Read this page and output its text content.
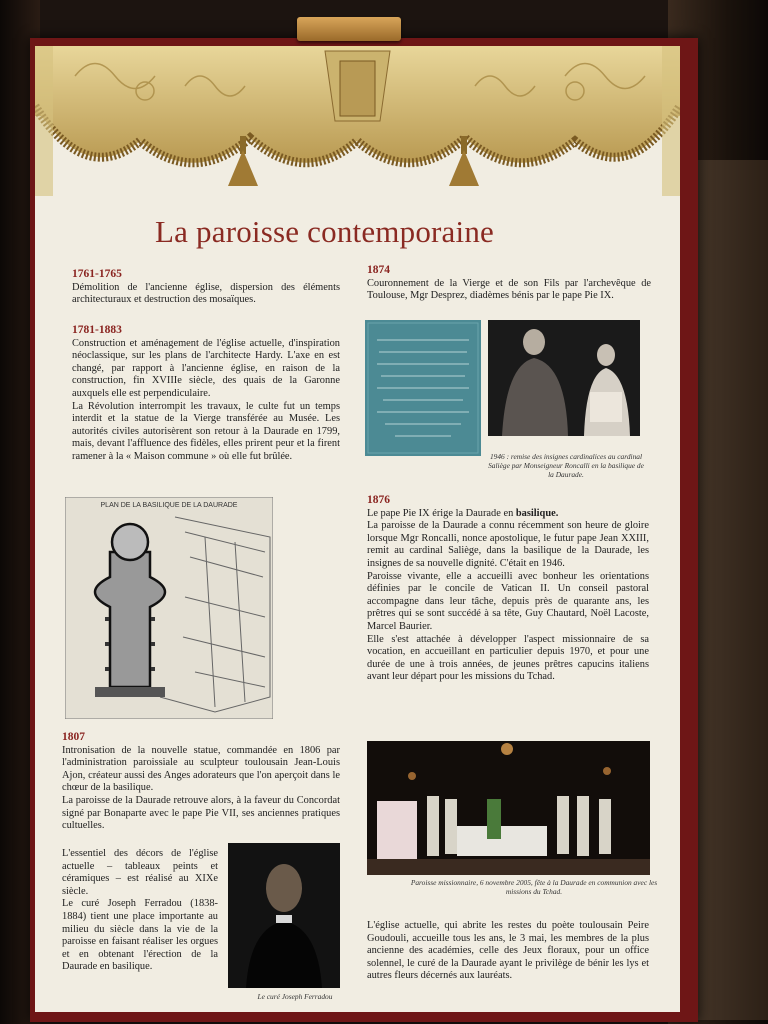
La paroisse contemporaine
1761-1765

Démolition de l'ancienne église, dispersion des éléments architecturaux et destruction des mosaïques.

1781-1883

Construction et aménagement de l'église actuelle, d'inspiration néoclassique, sur les plans de l'architecte Hardy. L'axe en est changé, par rapport à l'ancienne église, en raison de la construction, fin XVIIIe siècle, des quais de la Garonne auxquels elle est perpendiculaire.

La Révolution interrompit les travaux, le culte fut un temps interdit et la statue de la Vierge transférée au Musée. Les autorités civiles autorisèrent son retour à la Daurade en 1799, mais, devant l'affluence des fidèles, elles prirent peur et la firent ramener à la « Maison commune » où elle fut brûlée.

PLAN DE LA BASILIQUE DE LA DAURADE
1807

Intronisation de la nouvelle statue, commandée en 1806 par l'administration paroissiale au sculpteur toulousain Jean-Louis Ajon, créateur aussi des Anges adorateurs que l'on aperçoit dans le chœur de la basilique.

La paroisse de la Daurade retrouve alors, à la faveur du Concordat signé par Bonaparte avec le pape Pie VII, ses anciennes pratiques cultuelles.

L'essentiel des décors de l'église actuelle – tableaux peints et céramiques – est réalisé au XIXe siècle.

Le curé Joseph Ferradou (1838-1884) tient une place importante au milieu du siècle dans la vie de la paroisse en faisant réaliser les orgues et en obtenant l'érection de la Daurade en basilique.

Le curé Joseph Ferradou
1874

Couronnement de la Vierge et de son Fils par l'archevêque de Toulouse, Mgr Desprez, diadèmes bénis par le pape Pie IX.

1946 : remise des insignes cardinalices au cardinal Saliège par Monseigneur Roncalli en la basilique de la Daurade.
1876

Le pape Pie IX érige la Daurade en basilique.

La paroisse de la Daurade a connu récemment son heure de gloire lorsque Mgr Roncalli, nonce apostolique, le futur pape Jean XXIII, remit au cardinal Saliège, dans la basilique de la Daurade, les insignes de sa nouvelle dignité. C'était en 1946.

Paroisse vivante, elle a accueilli avec bonheur les orientations définies par le concile de Vatican II. Un conseil pastoral accompagne dans leur tâche, depuis près de quarante ans, les prêtres qui se sont succédé à sa tête, Guy Chautard, Noël Lacoste, Marcel Baurier.

Elle s'est attachée à développer l'aspect missionnaire de sa vocation, en accueillant en particulier depuis 1970, et pour une durée de une à trois années, de jeunes prêtres capucins italiens avant leur départ pour les missions du Tchad.

Paroisse missionnaire, 6 novembre 2005, fête à la Daurade en communion avec les missions du Tchad.

L'église actuelle, qui abrite les restes du poète toulousain Peire Goudouli, accueille tous les ans, le 3 mai, les membres de la plus ancienne des académies, celle des Jeux floraux, pour un office solennel, le curé de la Daurade ayant le privilège de bénir les lys et autres fleurs décernés aux lauréats.
